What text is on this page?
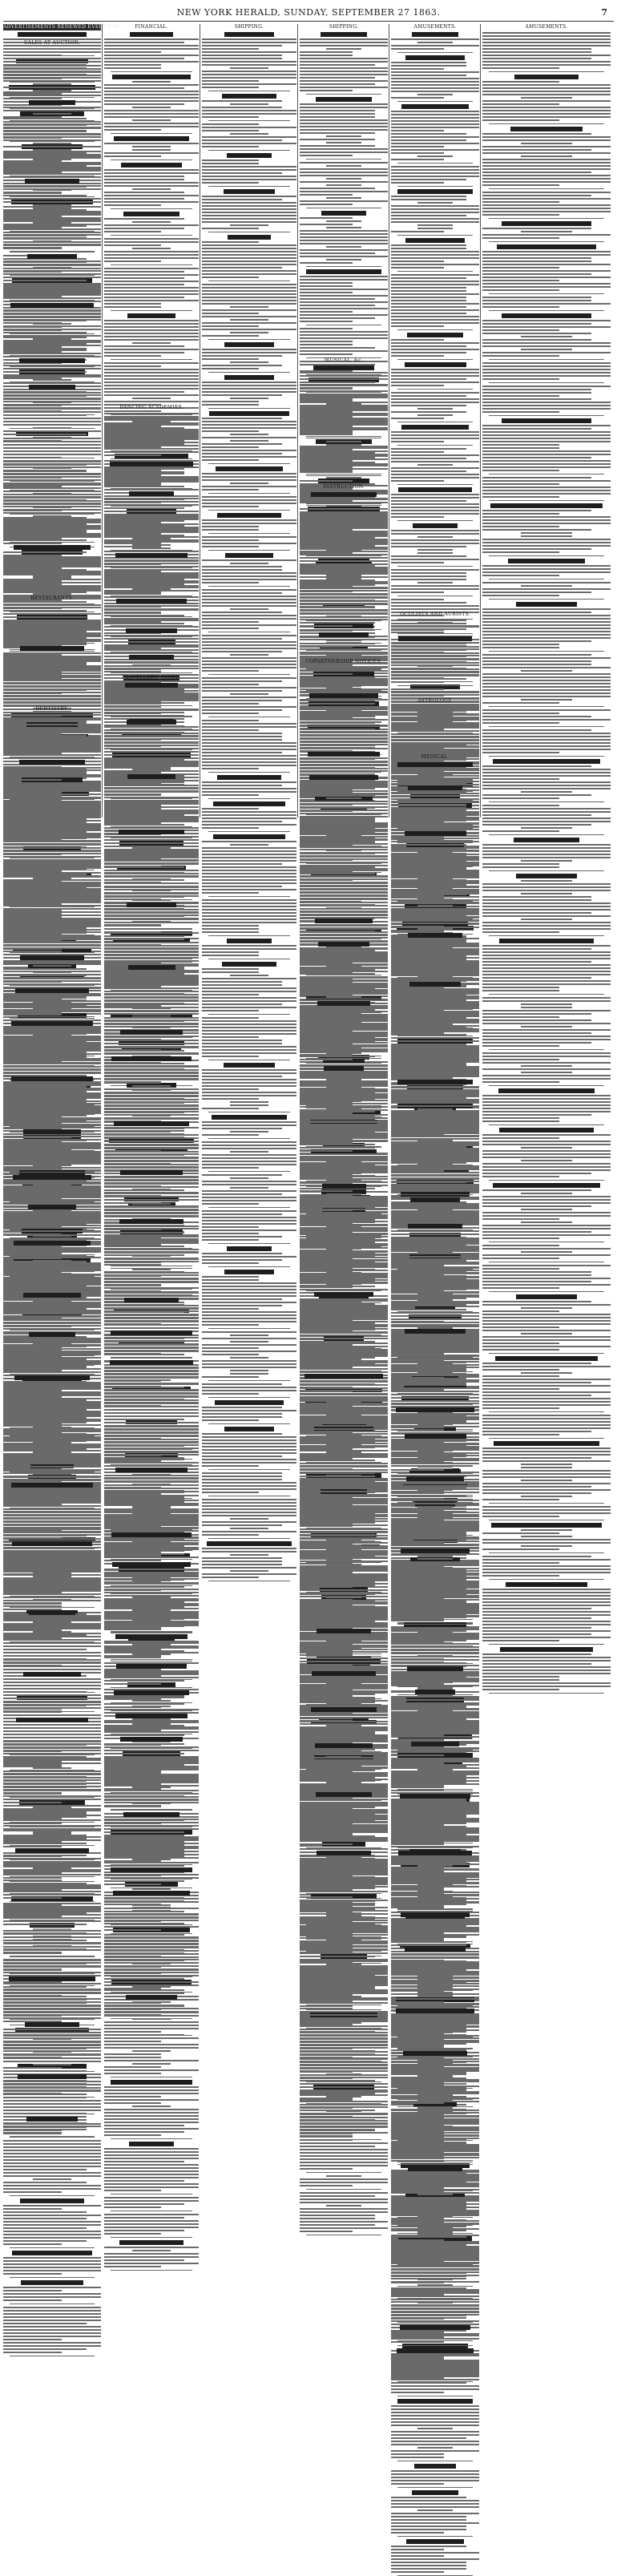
NEW YORK HERALD, SUNDAY, SEPTEMBER 27 1863.	7
ADVERTISEMENTS RENEWED EVERY DAY.
SALES AT AUCTION.
RESTAURANTS.
DENTISTRY.
FINANCIAL.
DANCING ACADEMIES.
TRAVELLERS' GUIDE.
SHIPPING.	SHIPPING.
MUSICAL, &c.
INSTRUCTION.
COPARTNERSHIP NOTICES.
AMUSEMENTS.
OCULISTS AND AURISTS.
ASTROLOGY.
MEDICAL.
AMUSEMENTS.
